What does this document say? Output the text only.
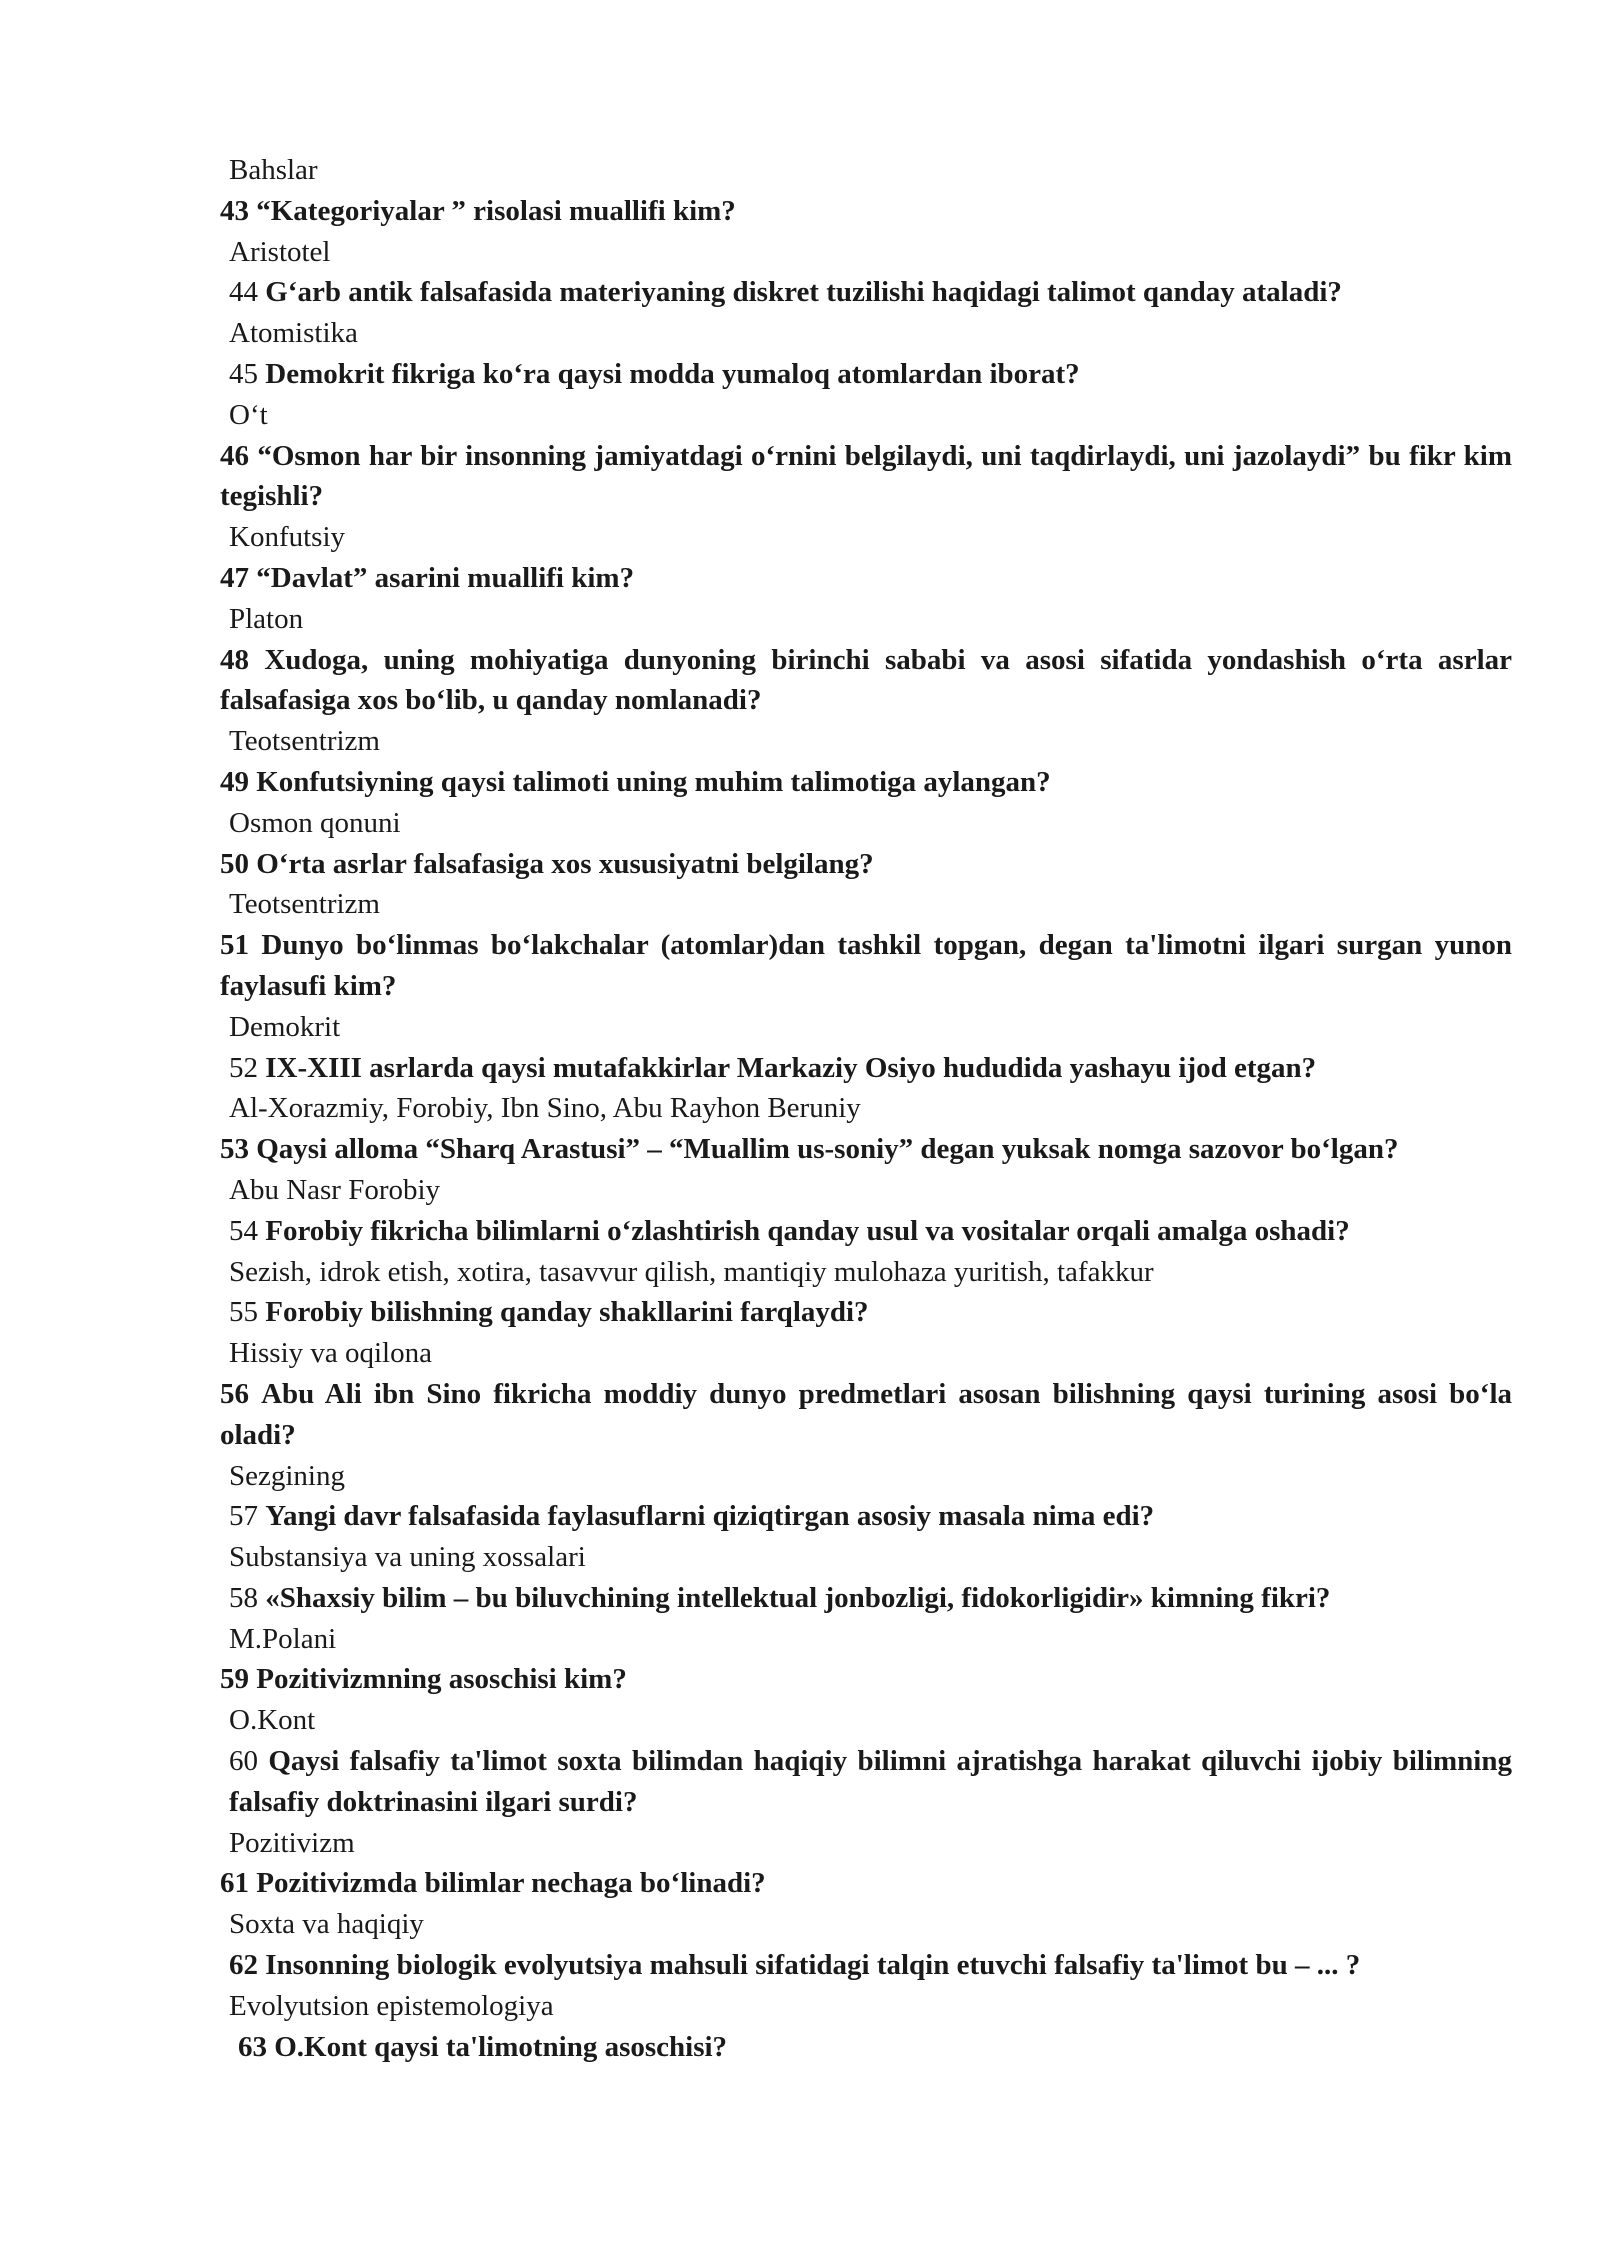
Bahslar
43 “Kategoriyalar ” risolasi muallifi kim?
Aristotel
44 G‘arb antik falsafasida materiyaning diskret tuzilishi haqidagi talimot qanday ataladi?
Atomistika
45 Demokrit fikriga ko‘ra qaysi modda yumaloq atomlardan iborat?
O‘t
46 “Osmon har bir insonning jamiyatdagi o‘rnini belgilaydi, uni taqdirlaydi, uni jazolaydi” bu fikr kim tegishli?
Konfutsiy
47 “Davlat” asarini muallifi kim?
Platon
48 Xudoga, uning mohiyatiga dunyoning birinchi sababi va asosi sifatida yondashish o‘rta asrlar falsafasiga xos bo‘lib, u qanday nomlanadi?
Teotsentrizm
49 Konfutsiyning qaysi talimoti uning muhim talimotiga aylangan?
Osmon qonuni
50 O‘rta asrlar falsafasiga xos xususiyatni belgilang?
Teotsentrizm
51 Dunyo bo‘linmas bo‘lakchalar (atomlar)dan tashkil topgan, degan ta'limotni ilgari surgan yunon faylasufi kim?
Demokrit
52 IX-XIII asrlarda qaysi mutafakkirlar Markaziy Osiyo hududida yashayu ijod etgan?
Al-Xorazmiy, Forobiy, Ibn Sino, Abu Rayhon Beruniy
53 Qaysi alloma “Sharq Arastusi” – “Muallim us-soniy” degan yuksak nomga sazovor bo‘lgan?
Abu Nasr Forobiy
54 Forobiy fikricha bilimlarni o‘zlashtirish qanday usul va vositalar orqali amalga oshadi?
Sezish, idrok etish, xotira, tasavvur qilish, mantiqiy mulohaza yuritish, tafakkur
55 Forobiy bilishning qanday shakllarini farqlaydi?
Hissiy va oqilona
56 Abu Ali ibn Sino fikricha moddiy dunyo predmetlari asosan bilishning qaysi turining asosi bo‘la oladi?
Sezgining
57 Yangi davr falsafasida faylasuflarni qiziqtirgan asosiy masala nima edi?
Substansiya va uning xossalari
58 «Shaxsiy bilim – bu biluvchining intellektual jonbozligi, fidokorligidir» kimning fikri?
M.Polani
59 Pozitivizmning asoschisi kim?
O.Kont
60 Qaysi falsafiy ta'limot soxta bilimdan haqiqiy bilimni ajratishga harakat qiluvchi ijobiy bilimning falsafiy doktrinasini ilgari surdi?
Pozitivizm
61 Pozitivizmda bilimlar nechaga bo‘linadi?
Soxta va haqiqiy
62 Insonning biologik evolyutsiya mahsuli sifatidagi talqin etuvchi falsafiy ta'limot bu – ... ?
Evolyutsion epistemologiya
63 O.Kont qaysi ta'limotning asoschisi?
